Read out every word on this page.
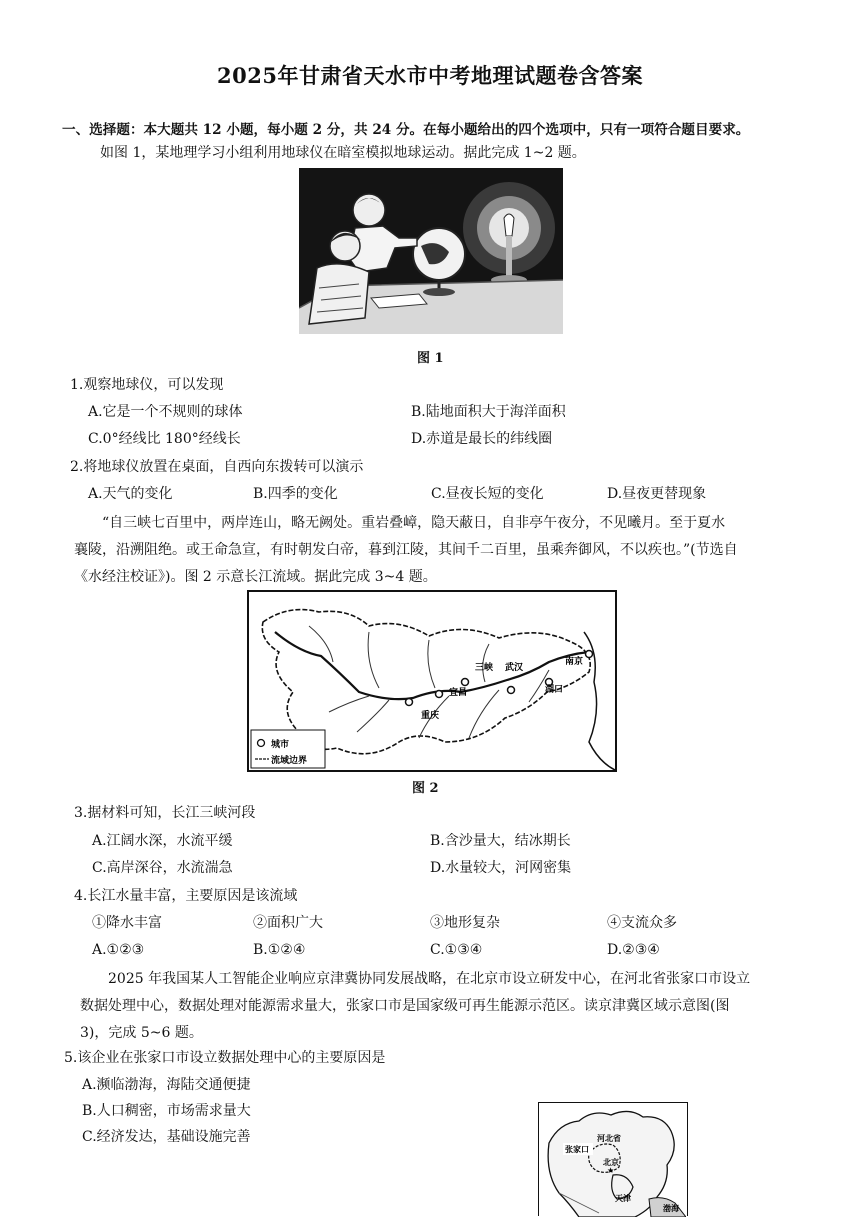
2025年甘肃省天水市中考地理试题卷含答案
一、选择题：本大题共 12 小题，每小题 2 分，共 24 分。在每小题给出的四个选项中，只有一项符合题目要求。
如图 1，某地理学习小组利用地球仪在暗室模拟地球运动。据此完成 1~2 题。
图 1
1.观察地球仪，可以发现
A.它是一个不规则的球体	B.陆地面积大于海洋面积
C.0°经线比 180°经线长	D.赤道是最长的纬线圈
2.将地球仪放置在桌面，自西向东拨转可以演示
A.天气的变化	B.四季的变化	C.昼夜长短的变化	D.昼夜更替现象
“自三峡七百里中，两岸连山，略无阙处。重岩叠嶂，隐天蔽日，自非亭午夜分，不见曦月。至于夏水
襄陵，沿溯阻绝。或王命急宣，有时朝发白帝，暮到江陵，其间千二百里，虽乘奔御风，不以疾也。”(节选自
《水经注校证》)。图 2 示意长江流域。据此完成 3~4 题。
重庆
宜昌
三峡 武汉
湖口
南京
城市
流域边界
图 2
3.据材料可知，长江三峡河段
A.江阔水深，水流平缓	B.含沙量大，结冰期长
C.高岸深谷，水流湍急	D.水量较大，河网密集
4.长江水量丰富，主要原因是该流域
①降水丰富	②面积广大	③地形复杂	④支流众多
A.①②③	B.①②④	C.①③④	D.②③④
2025 年我国某人工智能企业响应京津冀协同发展战略，在北京市设立研发中心，在河北省张家口市设立
数据处理中心，数据处理对能源需求量大，张家口市是国家级可再生能源示范区。读京津冀区域示意图(图
3)，完成 5~6 题。
5.该企业在张家口市设立数据处理中心的主要原因是
A.濒临渤海，海陆交通便捷
B.人口稠密，市场需求量大
C.经济发达，基础设施完善	河北省
张家口
北京
★
天津
渤海
